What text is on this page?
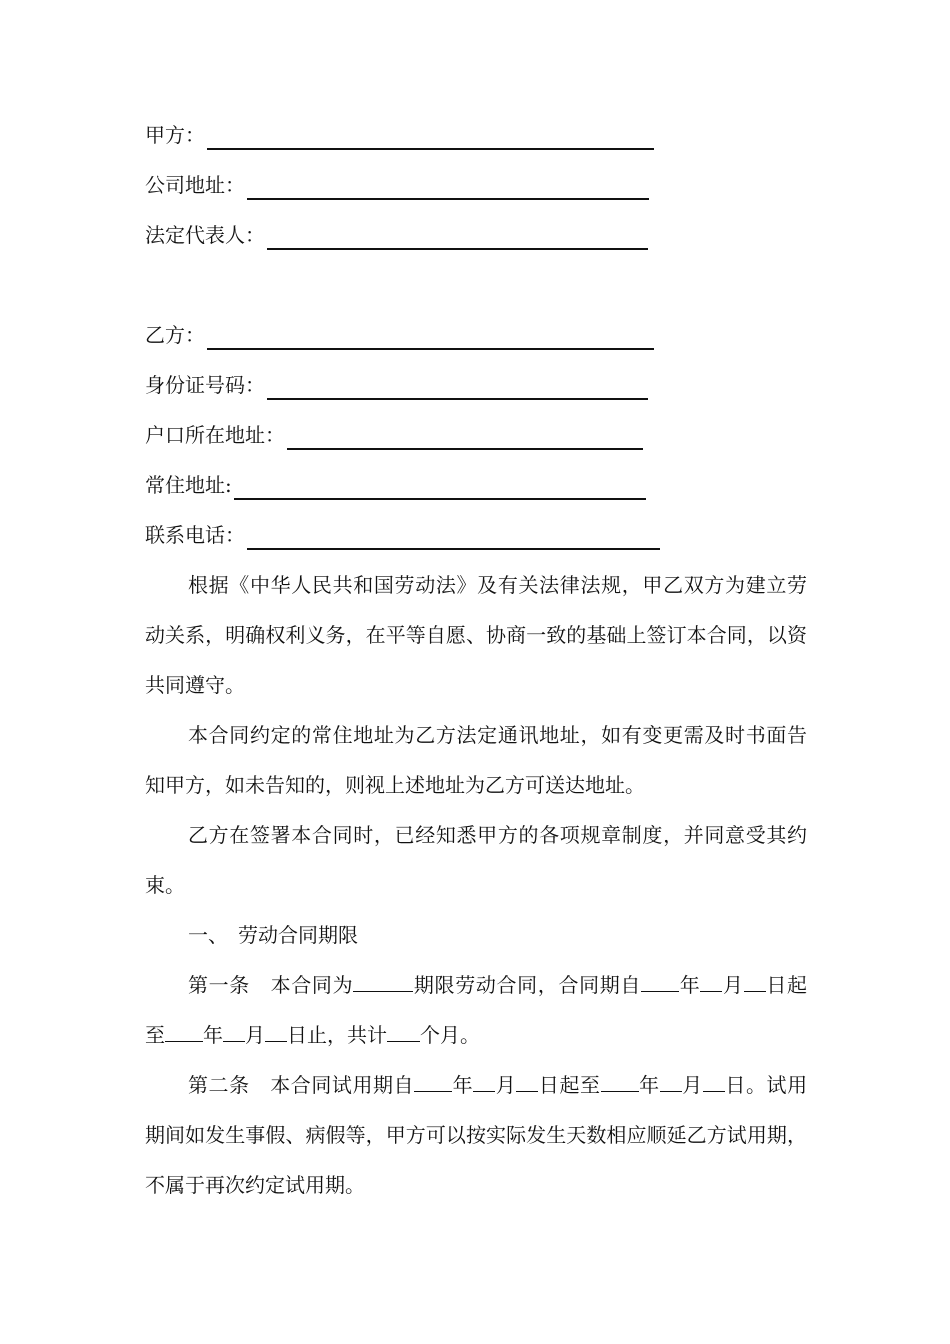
甲方：
公司地址：
法定代表人：
乙方：
身份证号码：
户口所在地址：
常住地址:
联系电话：

根据《中华人民共和国劳动法》及有关法律法规，甲乙双方为建立劳动关系，明确权利义务，在平等自愿、协商一致的基础上签订本合同，以资共同遵守。

本合同约定的常住地址为乙方法定通讯地址，如有变更需及时书面告知甲方，如未告知的，则视上述地址为乙方可送达地址。

乙方在签署本合同时，已经知悉甲方的各项规章制度，并同意受其约束。

一、　劳动合同期限

第一条　本合同为	期限劳动合同，合同期自 年 月 日起至 年 月 日止，共计 个月。

第二条　本合同试用期自 年 月 日起至 年 月 日。试用期间如发生事假、病假等，甲方可以按实际发生天数相应顺延乙方试用期，不属于再次约定试用期。
